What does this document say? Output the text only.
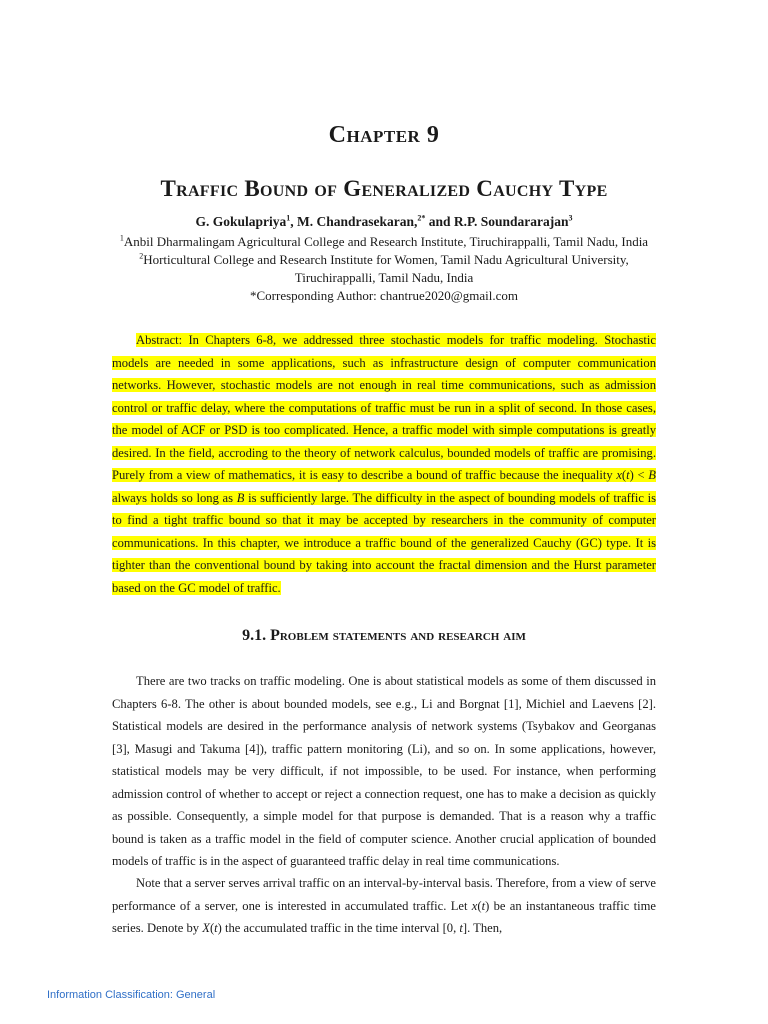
Chapter 9
Traffic Bound of Generalized Cauchy Type
G. Gokulapriya$^1$, M. Chandrasekaran,$^{2*}$ and R.P. Soundararajan$^3$
$^1$Anbil Dharmalingam Agricultural College and Research Institute, Tiruchirappalli, Tamil Nadu, India
$^2$Horticultural College and Research Institute for Women, Tamil Nadu Agricultural University,
Tiruchirappalli, Tamil Nadu, India
*Corresponding Author: chantrue2020@gmail.com

Abstract: In Chapters 6-8, we addressed three stochastic models for traffic modeling. Stochastic models are needed in some applications, such as infrastructure design of computer communication networks. However, stochastic models are not enough in real time communications, such as admission control or traffic delay, where the computations of traffic must be run in a split of second. In those cases, the model of ACF or PSD is too complicated. Hence, a traffic model with simple computations is greatly desired. In the field, accroding to the theory of network calculus, bounded models of traffic are promising. Purely from a view of mathematics, it is easy to describe a bound of traffic because the inequality x(t) < B always holds so long as B is sufficiently large. The difficulty in the aspect of bounding models of traffic is to find a tight traffic bound so that it may be accepted by researchers in the community of computer communications. In this chapter, we introduce a traffic bound of the generalized Cauchy (GC) type. It is tighter than the conventional bound by taking into account the fractal dimension and the Hurst parameter based on the GC model of traffic.

9.1. Problem statements and research aim

There are two tracks on traffic modeling. One is about statistical models as some of them discussed in Chapters 6-8. The other is about bounded models, see e.g., Li and Borgnat [1], Michiel and Laevens [2]. Statistical models are desired in the performance analysis of network systems (Tsybakov and Georganas [3], Masugi and Takuma [4]), traffic pattern monitoring (Li), and so on. In some applications, however, statistical models may be very difficult, if not impossible, to be used. For instance, when performing admission control of whether to accept or reject a connection request, one has to make a decision as quickly as possible. Consequently, a simple model for that purpose is demanded. That is a reason why a traffic bound is taken as a traffic model in the field of computer science. Another crucial application of bounded models of traffic is in the aspect of guaranteed traffic delay in real time communications.

Note that a server serves arrival traffic on an interval-by-interval basis. Therefore, from a view of serve performance of a server, one is interested in accumulated traffic. Let x(t) be an instantaneous traffic time series. Denote by X(t) the accumulated traffic in the time interval [0, t]. Then,

Information Classification: General
